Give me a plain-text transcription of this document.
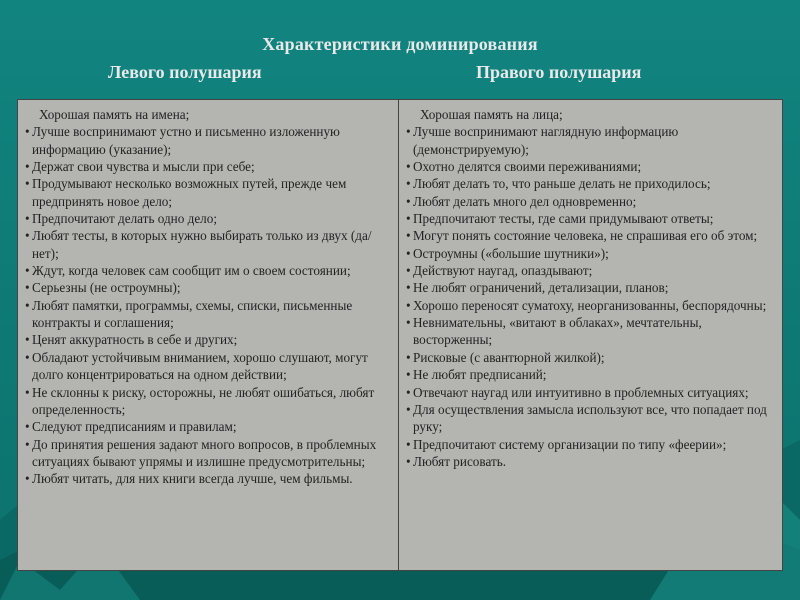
Характеристики доминирования
Левого полушария	Правого полушария
Хорошая память на имена;
• Лучше воспринимают устно и письменно изложенную информацию (указание);
• Держат свои чувства и мысли при себе;
• Продумывают несколько возможных путей, прежде чем предпринять новое дело;
• Предпочитают делать одно дело;
• Любят тесты, в которых нужно выбирать только из двух (да/нет);
• Ждут, когда человек сам сообщит им о своем состоянии;
• Серьезны (не остроумны);
• Любят памятки, программы, схемы, списки, письменные контракты и соглашения;
• Ценят аккуратность в себе и других;
• Обладают устойчивым вниманием, хорошо слушают, могут долго концентрироваться на одном действии;
• Не склонны к риску, осторожны, не любят ошибаться, любят определенность;
• Следуют предписаниям и правилам;
• До принятия решения задают много вопросов, в проблемных ситуациях бывают упрямы и излишне предусмотрительны;
• Любят читать, для них книги всегда лучше, чем фильмы.
Хорошая память на лица;
• Лучше воспринимают наглядную информацию (демонстрируемую);
• Охотно делятся своими переживаниями;
• Любят делать то, что раньше делать не приходилось;
• Любят делать много дел одновременно;
• Предпочитают тесты, где сами придумывают ответы;
• Могут понять состояние человека, не спрашивая его об этом;
• Остроумны («большие шутники»);
• Действуют наугад, опаздывают;
• Не любят ограничений, детализации, планов;
• Хорошо переносят суматоху, неорганизованны, беспорядочны;
• Невнимательны, «витают в облаках», мечтательны, восторженны;
• Рисковые (с авантюрной жилкой);
• Не любят предписаний;
• Отвечают наугад или интуитивно в проблемных ситуациях;
• Для осуществления замысла используют все, что попадает под руку;
• Предпочитают систему организации по типу «феерии»;
• Любят рисовать.
